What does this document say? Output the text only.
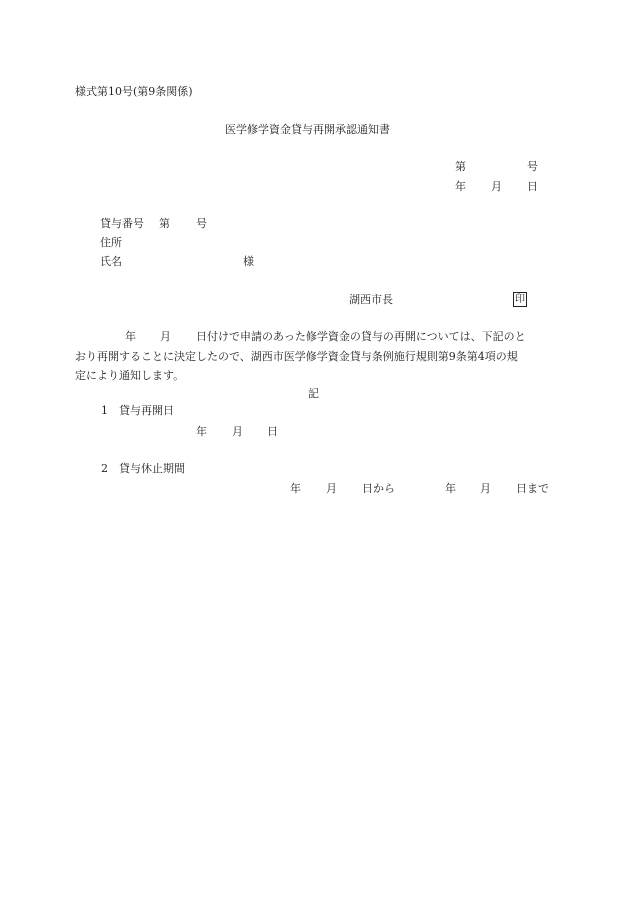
様式第10号(第9条関係)
医学修学資金貸与再開承認通知書
第	号
年 月 日
貸与番号 第 号
住所
氏名	様
湖西市長	印
年 月 日付けで申請のあった修学資金の貸与の再開については、下記のと
おり再開することに決定したので、湖西市医学修学資金貸与条例施行規則第9条第4項の規
定により通知します。
記
1 貸与再開日
年 月 日
2 貸与休止期間
年 月 日から	年 月 日まで
